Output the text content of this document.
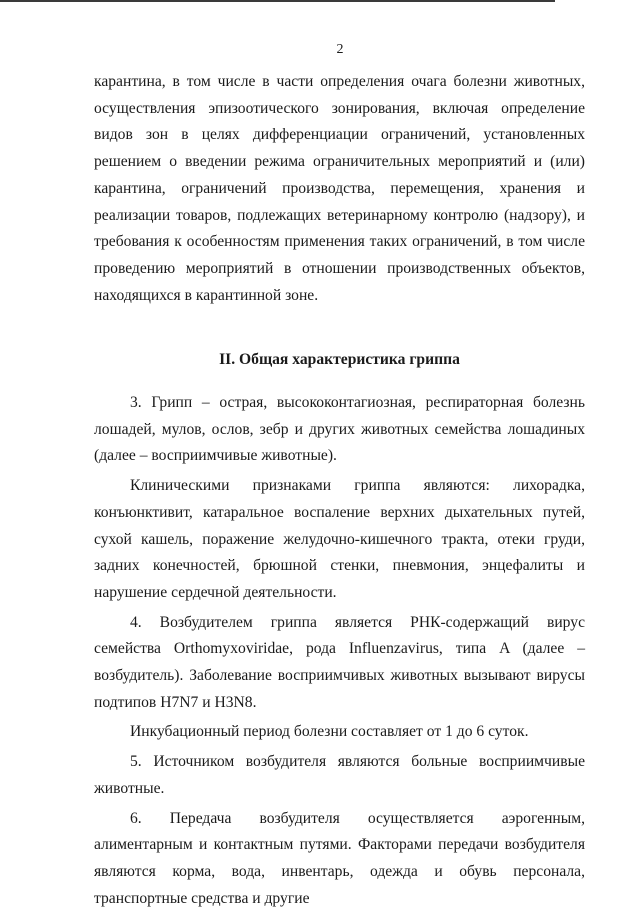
2

карантина, в том числе в части определения очага болезни животных, осуществления эпизоотического зонирования, включая определение видов зон в целях дифференциации ограничений, установленных решением о введении режима ограничительных мероприятий и (или) карантина, ограничений производства, перемещения, хранения и реализации товаров, подлежащих ветеринарному контролю (надзору), и требования к особенностям применения таких ограничений, в том числе проведению мероприятий в отношении производственных объектов, находящихся в карантинной зоне.

II. Общая характеристика гриппа

3. Грипп – острая, высококонтагиозная, респираторная болезнь лошадей, мулов, ослов, зебр и других животных семейства лошадиных (далее – восприимчивые животные).

Клиническими признаками гриппа являются: лихорадка, конъюнктивит, катаральное воспаление верхних дыхательных путей, сухой кашель, поражение желудочно-кишечного тракта, отеки груди, задних конечностей, брюшной стенки, пневмония, энцефалиты и нарушение сердечной деятельности.

4. Возбудителем гриппа является РНК-содержащий вирус семейства Orthomyxoviridae, рода Influenzavirus, типа A (далее – возбудитель). Заболевание восприимчивых животных вызывают вирусы подтипов H7N7 и H3N8.

Инкубационный период болезни составляет от 1 до 6 суток.

5. Источником возбудителя являются больные восприимчивые животные.

6. Передача возбудителя осуществляется аэрогенным, алиментарным и контактным путями. Факторами передачи возбудителя являются корма, вода, инвентарь, одежда и обувь персонала, транспортные средства и другие
